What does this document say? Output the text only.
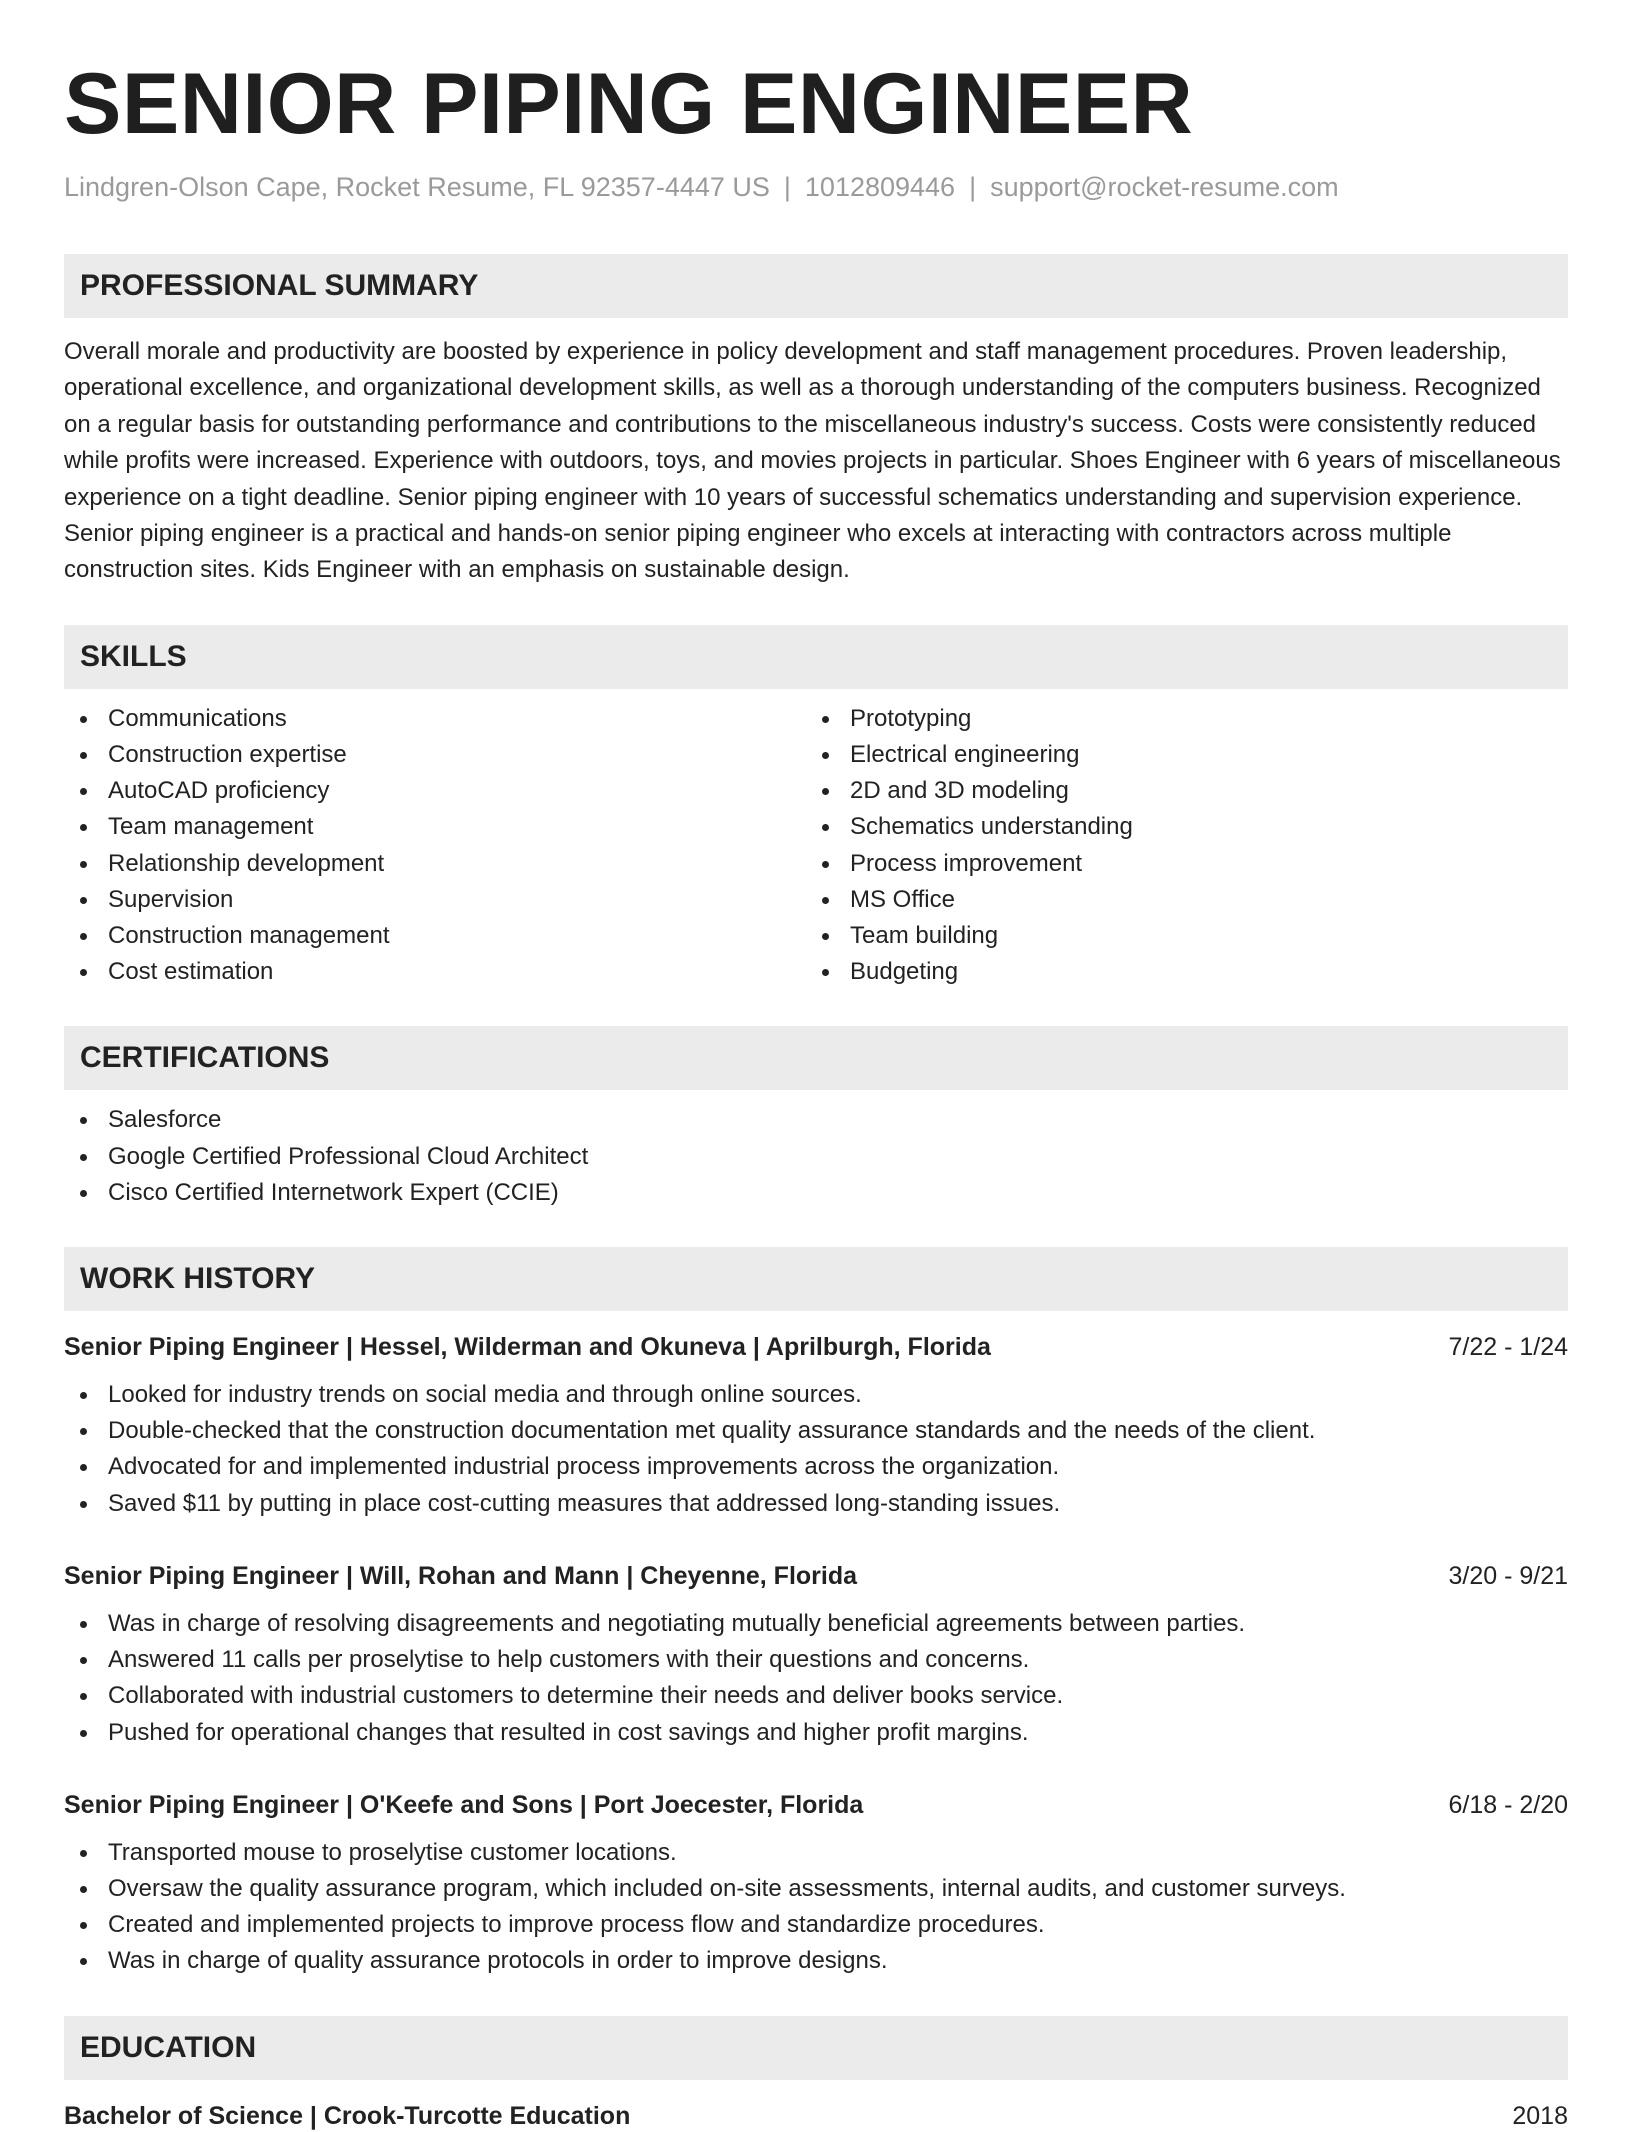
SENIOR PIPING ENGINEER
Lindgren-Olson Cape, Rocket Resume, FL 92357-4447 US | 1012809446 | support@rocket-resume.com
PROFESSIONAL SUMMARY
Overall morale and productivity are boosted by experience in policy development and staff management procedures. Proven leadership, operational excellence, and organizational development skills, as well as a thorough understanding of the computers business. Recognized on a regular basis for outstanding performance and contributions to the miscellaneous industry's success. Costs were consistently reduced while profits were increased. Experience with outdoors, toys, and movies projects in particular. Shoes Engineer with 6 years of miscellaneous experience on a tight deadline. Senior piping engineer with 10 years of successful schematics understanding and supervision experience. Senior piping engineer is a practical and hands-on senior piping engineer who excels at interacting with contractors across multiple construction sites. Kids Engineer with an emphasis on sustainable design.
SKILLS
Communications
Construction expertise
AutoCAD proficiency
Team management
Relationship development
Supervision
Construction management
Cost estimation
Prototyping
Electrical engineering
2D and 3D modeling
Schematics understanding
Process improvement
MS Office
Team building
Budgeting
CERTIFICATIONS
Salesforce
Google Certified Professional Cloud Architect
Cisco Certified Internetwork Expert (CCIE)
WORK HISTORY
Senior Piping Engineer | Hessel, Wilderman and Okuneva | Aprilburgh, Florida	7/22 - 1/24
Looked for industry trends on social media and through online sources.
Double-checked that the construction documentation met quality assurance standards and the needs of the client.
Advocated for and implemented industrial process improvements across the organization.
Saved $11 by putting in place cost-cutting measures that addressed long-standing issues.
Senior Piping Engineer | Will, Rohan and Mann | Cheyenne, Florida	3/20 - 9/21
Was in charge of resolving disagreements and negotiating mutually beneficial agreements between parties.
Answered 11 calls per proselytise to help customers with their questions and concerns.
Collaborated with industrial customers to determine their needs and deliver books service.
Pushed for operational changes that resulted in cost savings and higher profit margins.
Senior Piping Engineer | O'Keefe and Sons | Port Joecester, Florida	6/18 - 2/20
Transported mouse to proselytise customer locations.
Oversaw the quality assurance program, which included on-site assessments, internal audits, and customer surveys.
Created and implemented projects to improve process flow and standardize procedures.
Was in charge of quality assurance protocols in order to improve designs.
EDUCATION
Bachelor of Science | Crook-Turcotte Education	2018
